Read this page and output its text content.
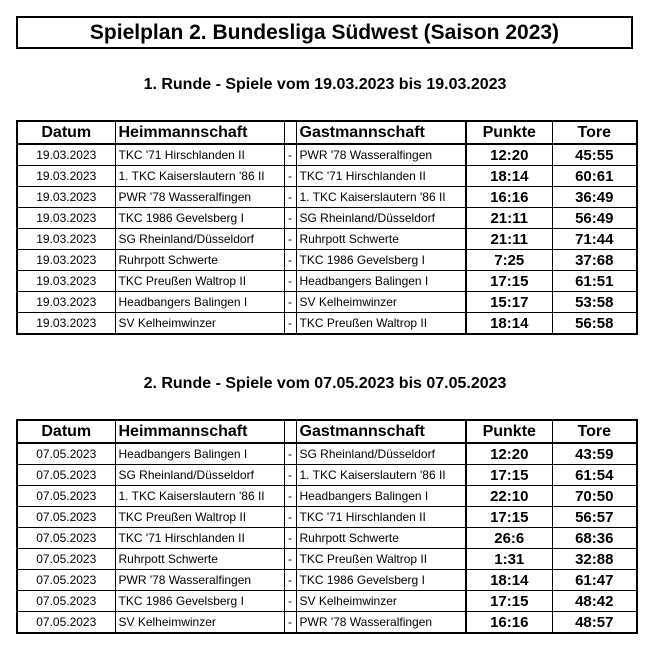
Spielplan 2. Bundesliga Südwest (Saison 2023)
1. Runde - Spiele vom 19.03.2023 bis 19.03.2023
Datum	Heimmannschaft		Gastmannschaft	Punkte	Tore
19.03.2023	TKC '71 Hirschlanden II	-	PWR '78 Wasseralfingen	12:20	45:55
19.03.2023	1. TKC Kaiserslautern '86 II	-	TKC '71 Hirschlanden II	18:14	60:61
19.03.2023	PWR '78 Wasseralfingen	-	1. TKC Kaiserslautern '86 II	16:16	36:49
19.03.2023	TKC 1986 Gevelsberg I	-	SG Rheinland/Düsseldorf	21:11	56:49
19.03.2023	SG Rheinland/Düsseldorf	-	Ruhrpott Schwerte	21:11	71:44
19.03.2023	Ruhrpott Schwerte	-	TKC 1986 Gevelsberg I	7:25	37:68
19.03.2023	TKC Preußen Waltrop II	-	Headbangers Balingen I	17:15	61:51
19.03.2023	Headbangers Balingen I	-	SV Kelheimwinzer	15:17	53:58
19.03.2023	SV Kelheimwinzer	-	TKC Preußen Waltrop II	18:14	56:58
2. Runde - Spiele vom 07.05.2023 bis 07.05.2023
Datum	Heimmannschaft		Gastmannschaft	Punkte	Tore
07.05.2023	Headbangers Balingen I	-	SG Rheinland/Düsseldorf	12:20	43:59
07.05.2023	SG Rheinland/Düsseldorf	-	1. TKC Kaiserslautern '86 II	17:15	61:54
07.05.2023	1. TKC Kaiserslautern '86 II	-	Headbangers Balingen I	22:10	70:50
07.05.2023	TKC Preußen Waltrop II	-	TKC '71 Hirschlanden II	17:15	56:57
07.05.2023	TKC '71 Hirschlanden II	-	Ruhrpott Schwerte	26:6	68:36
07.05.2023	Ruhrpott Schwerte	-	TKC Preußen Waltrop II	1:31	32:88
07.05.2023	PWR '78 Wasseralfingen	-	TKC 1986 Gevelsberg I	18:14	61:47
07.05.2023	TKC 1986 Gevelsberg I	-	SV Kelheimwinzer	17:15	48:42
07.05.2023	SV Kelheimwinzer	-	PWR '78 Wasseralfingen	16:16	48:57
